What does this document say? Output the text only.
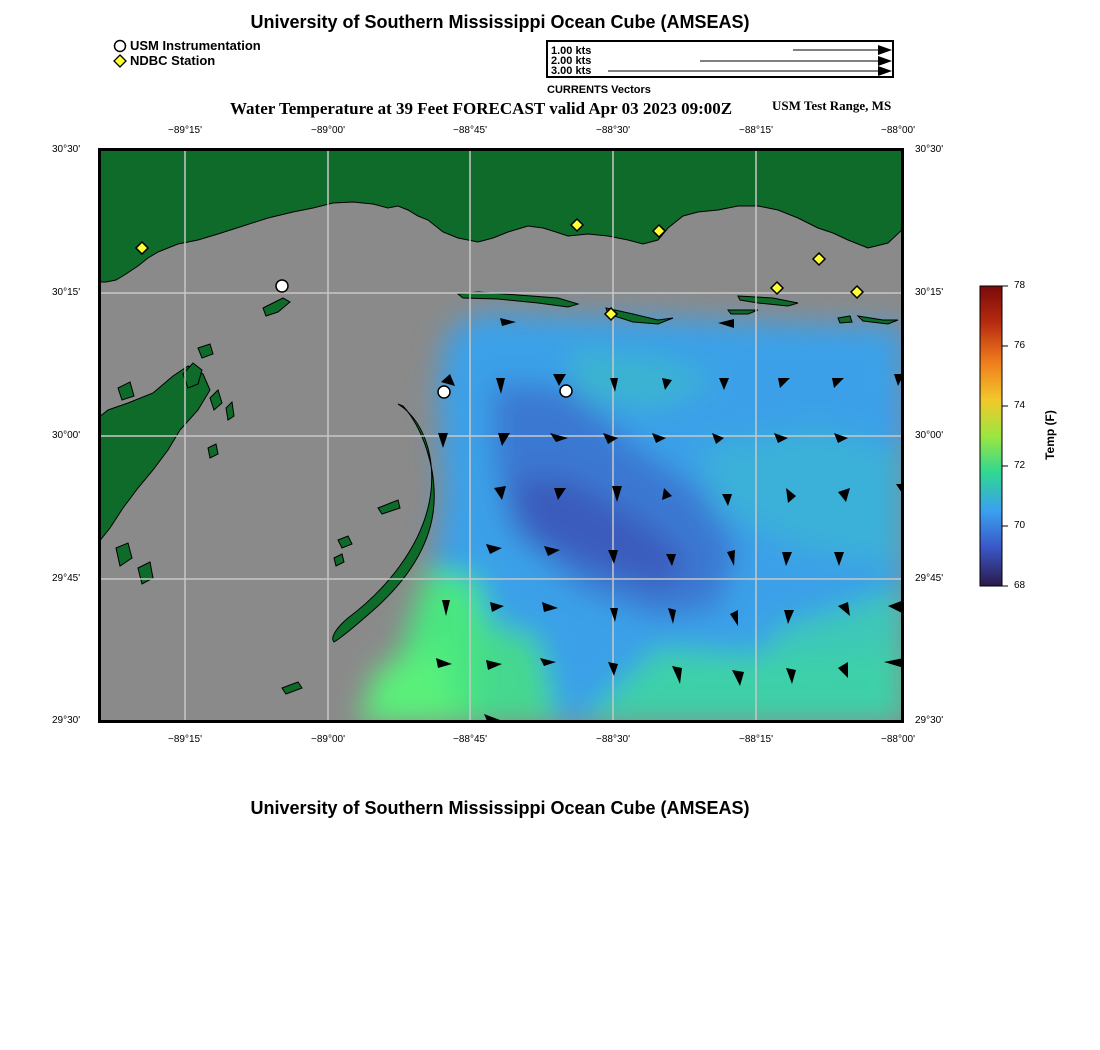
University of Southern Mississippi Ocean Cube (AMSEAS)
USM Instrumentation
NDBC Station
1.00 kts
2.00 kts
3.00 kts
CURRENTS Vectors
Water Temperature at 39 Feet FORECAST valid Apr 03 2023 09:00Z	USM Test Range, MS
−89°15'	−89°00'	−88°45'	−88°30'	−88°15'	−88°00'
−89°15'	−89°00'	−88°45'	−88°30'	−88°15'	−88°00'
30°30'
30°15'
30°00'
29°45'
29°30'
30°30'
30°15'
30°00'
29°45'
29°30'
78
76
74
72
70
68
Temp (F)
University of Southern Mississippi Ocean Cube (AMSEAS)
